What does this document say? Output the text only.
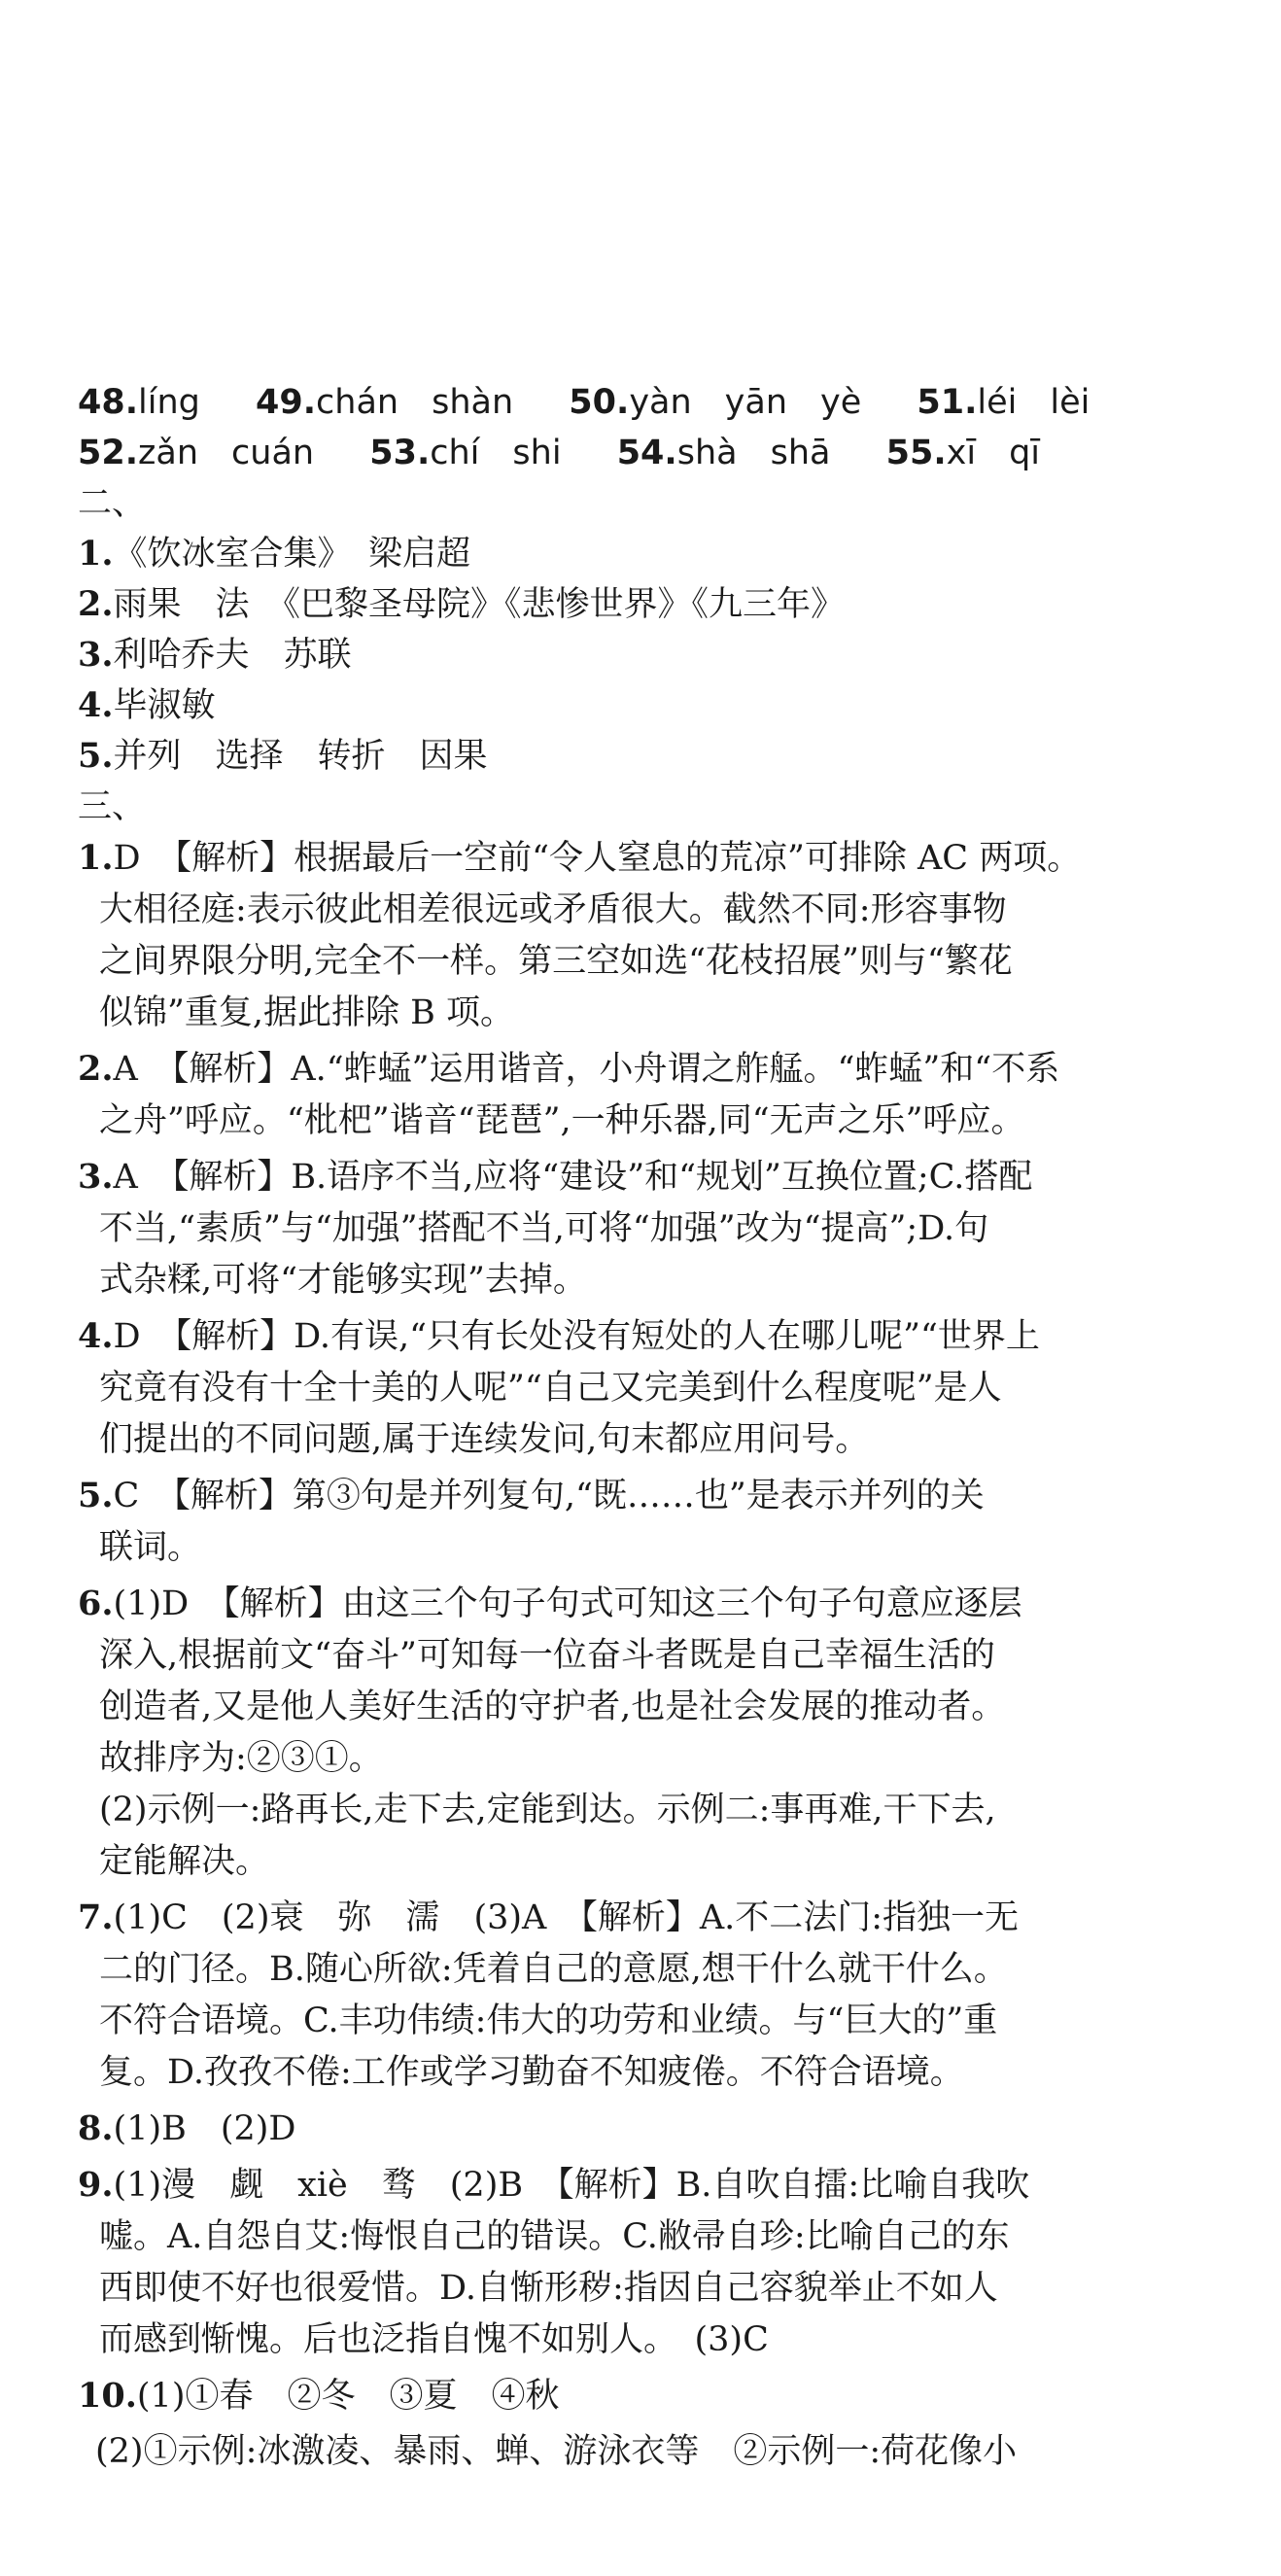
48.líng 49.chán shàn 50.yàn yān yè 51.léi lèi
52.zǎn cuán 53.chí shi 54.shà shā 55.xī qī
二、
1.《饮冰室合集》　梁启超
2.雨果　法　《巴黎圣母院》《悲惨世界》《九三年》
3.利哈乔夫　苏联
4.毕淑敏
5.并列　选择　转折　因果
三、
1.D　【解析】根据最后一空前“令人窒息的荒凉”可排除 AC 两项。
大相径庭:表示彼此相差很远或矛盾很大。截然不同:形容事物
之间界限分明,完全不一样。第三空如选“花枝招展”则与“繁花
似锦”重复,据此排除 B 项。
2.A　【解析】A.“蚱蜢”运用谐音，小舟谓之舴艋。“蚱蜢”和“不系
之舟”呼应。“枇杷”谐音“琵琶”,一种乐器,同“无声之乐”呼应。
3.A　【解析】B.语序不当,应将“建设”和“规划”互换位置;C.搭配
不当,“素质”与“加强”搭配不当,可将“加强”改为“提高”;D.句
式杂糅,可将“才能够实现”去掉。
4.D　【解析】D.有误,“只有长处没有短处的人在哪儿呢”“世界上
究竟有没有十全十美的人呢”“自己又完美到什么程度呢”是人
们提出的不同问题,属于连续发问,句末都应用问号。
5.C　【解析】第③句是并列复句,“既……也”是表示并列的关
联词。
6.(1)D　【解析】由这三个句子句式可知这三个句子句意应逐层
深入,根据前文“奋斗”可知每一位奋斗者既是自己幸福生活的
创造者,又是他人美好生活的守护者,也是社会发展的推动者。
故排序为:②③①。
(2)示例一:路再长,走下去,定能到达。示例二:事再难,干下去,
定能解决。
7.(1)C　(2)衰　弥　濡　(3)A　【解析】A.不二法门:指独一无
二的门径。B.随心所欲:凭着自己的意愿,想干什么就干什么。
不符合语境。C.丰功伟绩:伟大的功劳和业绩。与“巨大的”重
复。D.孜孜不倦:工作或学习勤奋不知疲倦。不符合语境。
8.(1)B　(2)D
9.(1)漫　觑　xiè　骛　(2)B　【解析】B.自吹自擂:比喻自我吹
嘘。A.自怨自艾:悔恨自己的错误。C.敝帚自珍:比喻自己的东
西即使不好也很爱惜。D.自惭形秽:指因自己容貌举止不如人
而感到惭愧。后也泛指自愧不如别人。　(3)C
10.(1)①春　②冬　③夏　④秋
(2)①示例:冰激凌、暴雨、蝉、游泳衣等　②示例一:荷花像小
